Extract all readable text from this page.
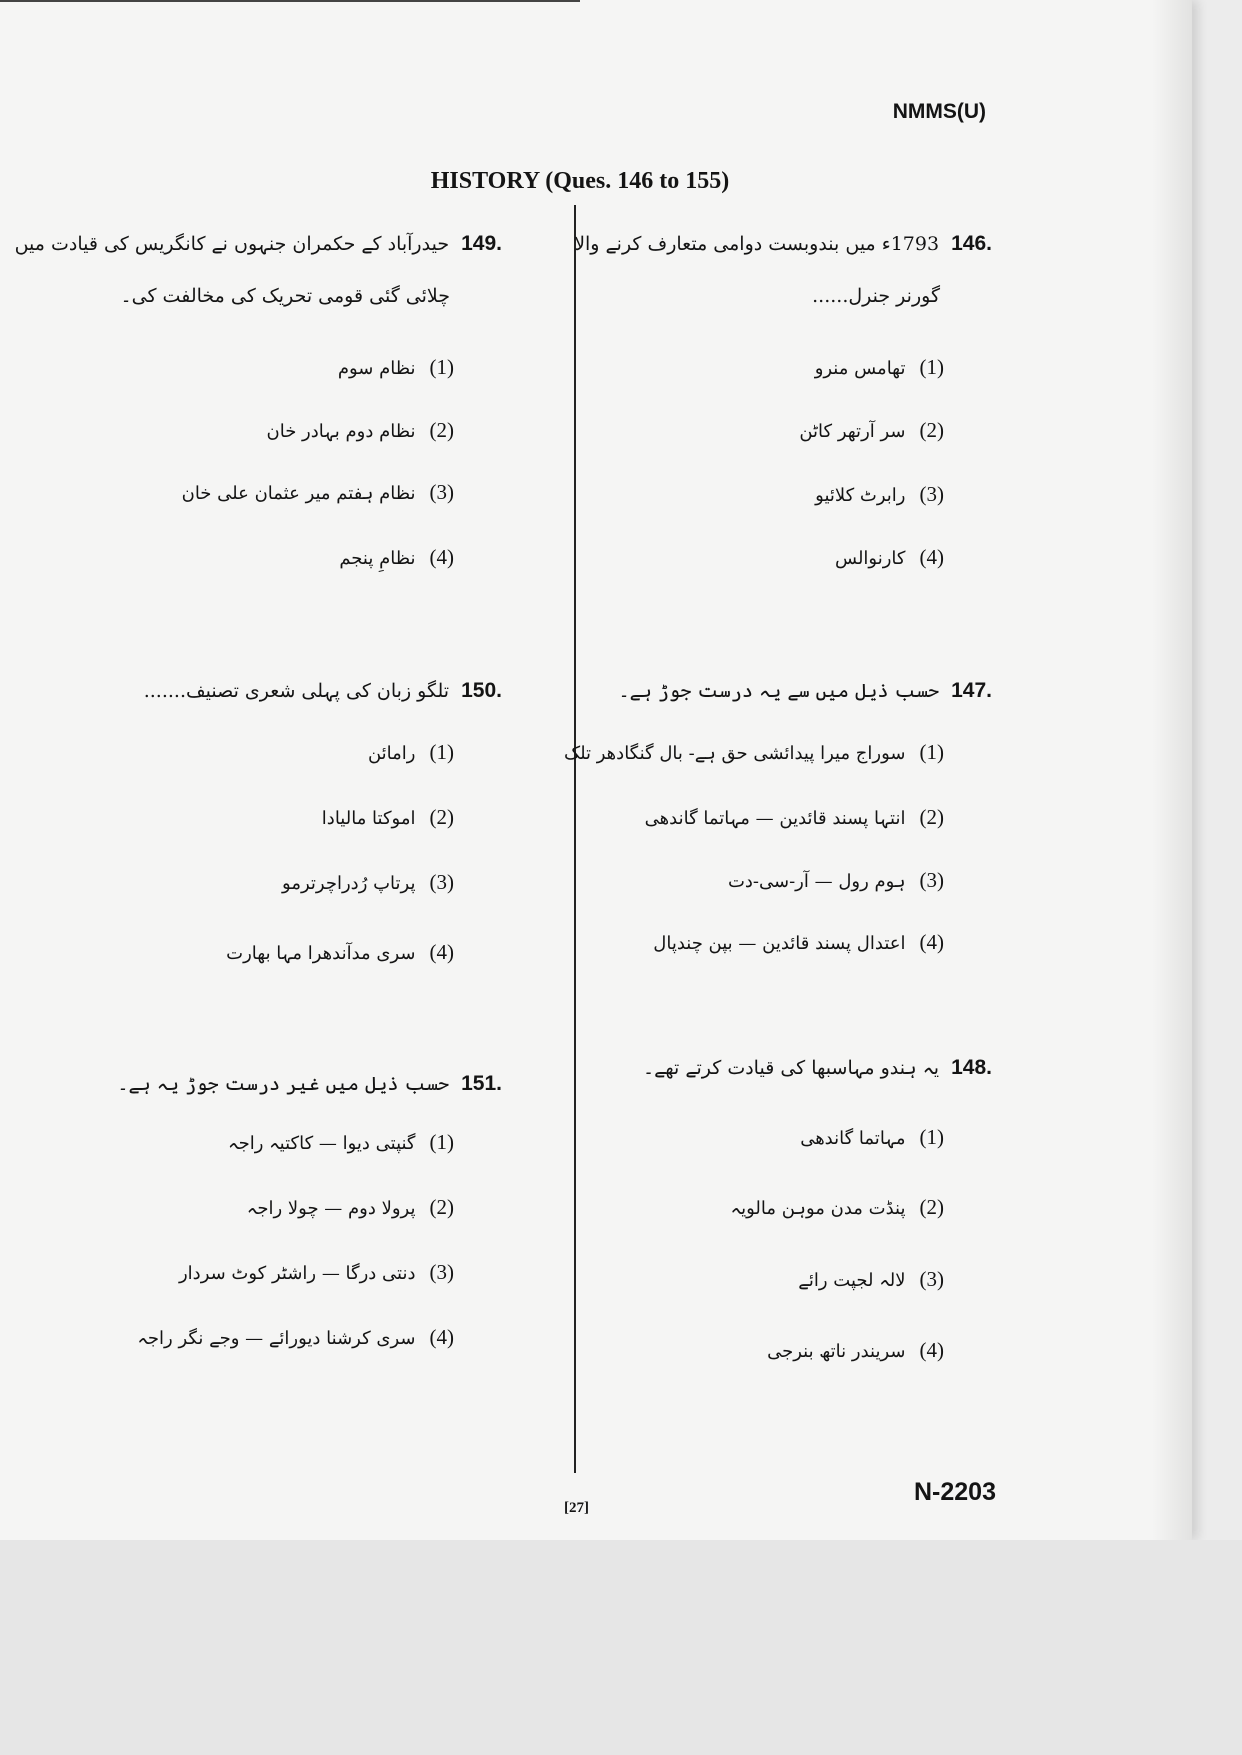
NMMS(U)
HISTORY (Ques. 146 to 155)
.146 1793ء میں بندوبست دوامی متعارف کرنے والا
گورنر جنرل......
(1)تھامس منرو
(2)سر آرتھر کاٹن
(3)رابرٹ کلائیو
(4)کارنوالس
.147 حسب ذیل میں سے یہ درست جوڑ ہے۔
(1)سوراج میرا پیدائشی حق ہے- بال گنگادھر تلک
(2)انتہا پسند قائدین — مہاتما گاندھی
(3)ہوم رول — آر-سی-دت
(4)اعتدال پسند قائدین — بپن چندپال
.148 یہ ہندو مہاسبھا کی قیادت کرتے تھے۔
(1)مہاتما گاندھی
(2)پنڈت مدن موہن مالویہ
(3)لالہ لجپت رائے
(4)سریندر ناتھ بنرجی
.149 حیدرآباد کے حکمران جنہوں نے کانگریس کی قیادت میں
چلائی گئی قومی تحریک کی مخالفت کی۔
(1)نظام سوم
(2)نظام دوم بہادر خان
(3)نظام ہفتم میر عثمان علی خان
(4)نظامِ پنجم
.150 تلگو زبان کی پہلی شعری تصنیف.......
(1)رامائن
(2)اموکتا مالیادا
(3)پرتاپ رُدراچرترمو
(4)سری مدآندھرا مہا بھارت
.151 حسب ذیل میں غیر درست جوڑ یہ ہے۔
(1)گنپتی دیوا — کاکتیہ راجہ
(2)پرولا دوم — چولا راجہ
(3)دنتی درگا — راشٹر کوٹ سردار
(4)سری کرشنا دیورائے — وجے نگر راجہ
[27]
N-2203
